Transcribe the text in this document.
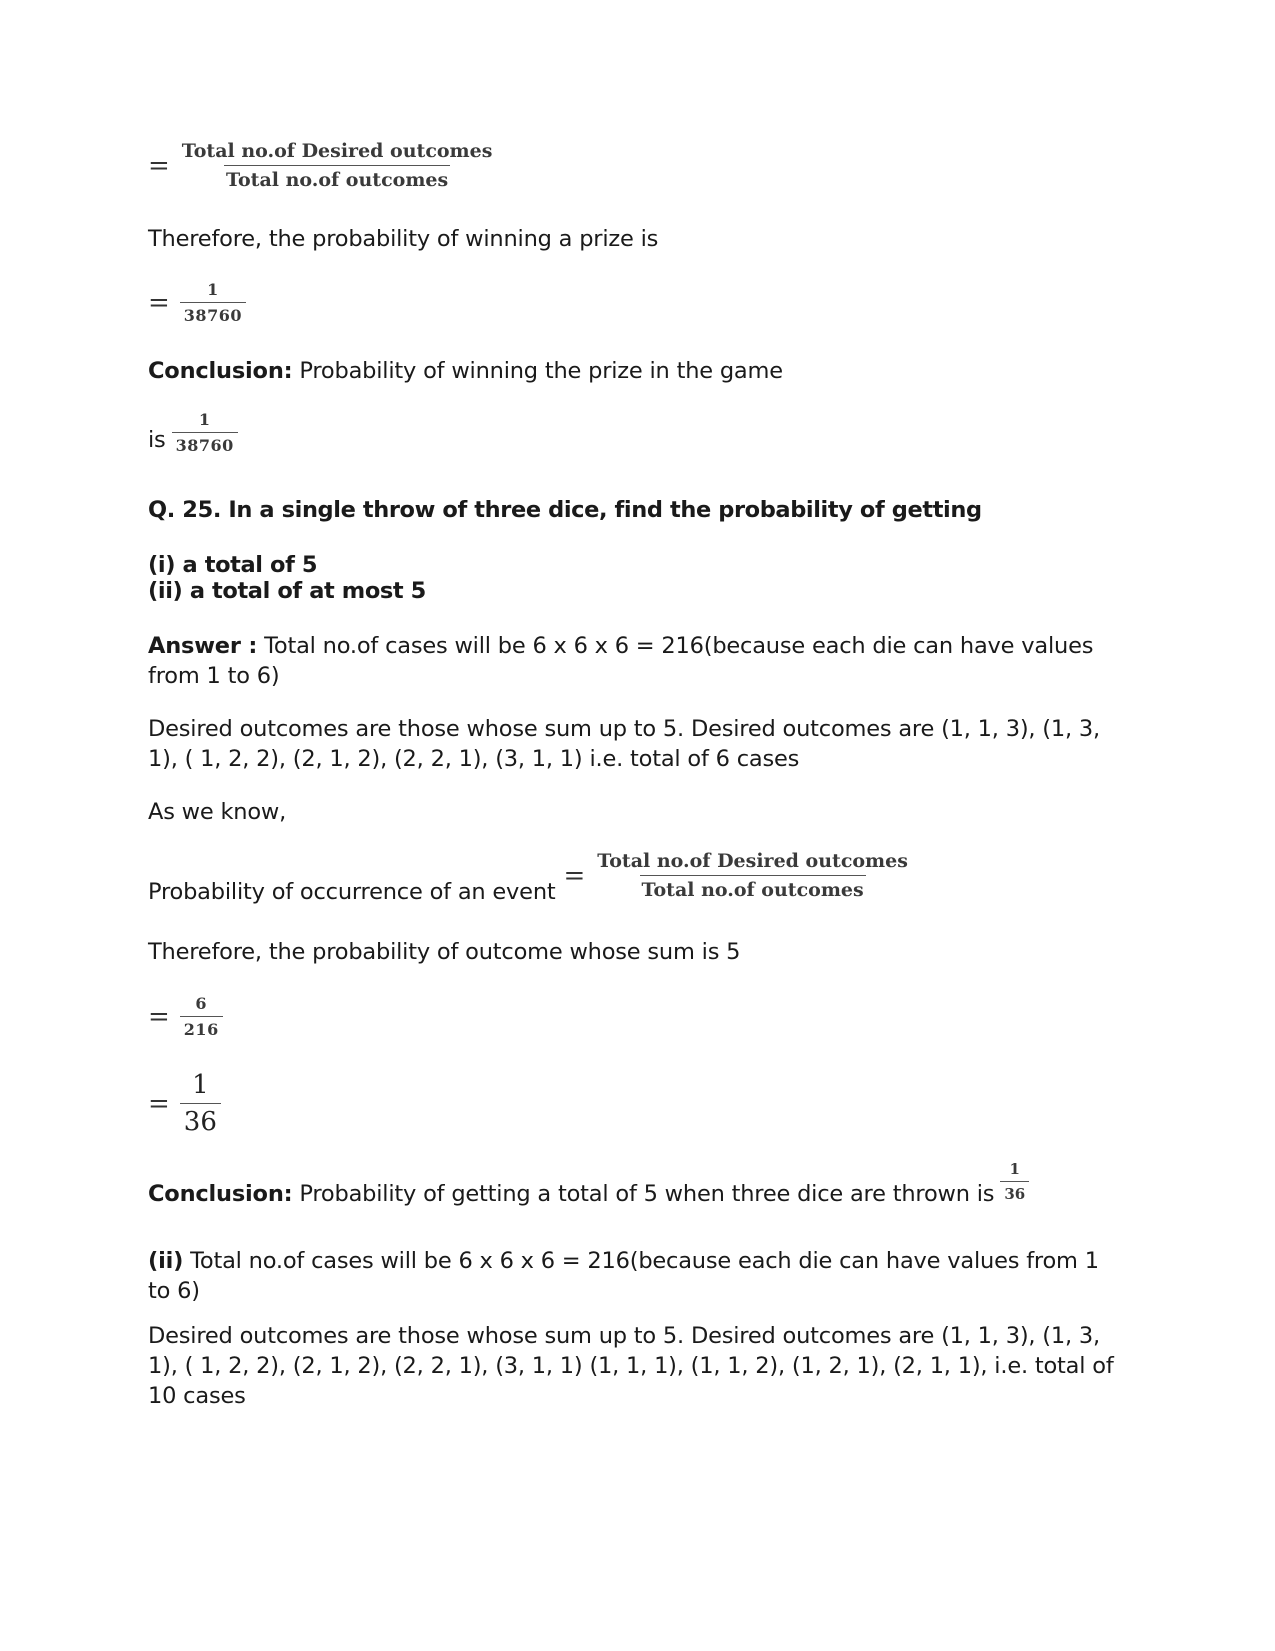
= $\frac{\text{Total no.of Desired outcomes}}{\text{Total no.of outcomes}}$
Therefore, the probability of winning a prize is
= $\frac{1}{38760}$
Conclusion: Probability of winning the prize in the game
is $\frac{1}{38760}$
Q. 25. In a single throw of three dice, find the probability of getting
(i) a total of 5
(ii) a total of at most 5
Answer : Total no.of cases will be 6 x 6 x 6 = 216(because each die can have values from 1 to 6)
Desired outcomes are those whose sum up to 5. Desired outcomes are (1, 1, 3), (1, 3, 1), ( 1, 2, 2), (2, 1, 2), (2, 2, 1), (3, 1, 1) i.e. total of 6 cases
As we know,
Probability of occurrence of an event
= $\frac{\text{Total no.of Desired outcomes}}{\text{Total no.of outcomes}}$
Therefore, the probability of outcome whose sum is 5
= $\frac{6}{216}$
= $\frac{1}{36}$
Conclusion: Probability of getting a total of 5 when three dice are thrown is $\frac{1}{36}$
(ii) Total no.of cases will be 6 x 6 x 6 = 216(because each die can have values from 1 to 6)
Desired outcomes are those whose sum up to 5. Desired outcomes are (1, 1, 3), (1, 3, 1), ( 1, 2, 2), (2, 1, 2), (2, 2, 1), (3, 1, 1) (1, 1, 1), (1, 1, 2), (1, 2, 1), (2, 1, 1), i.e. total of 10 cases
